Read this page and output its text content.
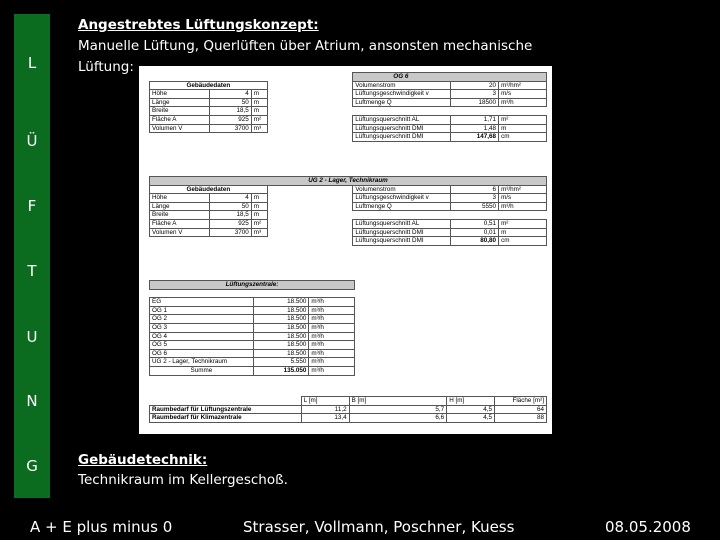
L
Ü
F
T
U
N
G
Angestrebtes Lüftungskonzept:
Manuelle Lüftung, Querlüften über Atrium, ansonsten mechanische
Lüftung:
				OG 6		
Gebäudedaten				Volumenstrom	20	m³/hm²
Höhe	4	m		Lüftungsgeschwindigkeit v	3	m/s
Länge	50	m		Luftmenge Q	18500	m³/h
Breite	18,5	m				
Fläche A	925	m²		Lüftungsquerschnitt AL	1,71	m²
Volumen V	3700	m³		Lüftungsquerschnitt DMI	1,48	m
				Lüftungsquerschnitt DMI	147,68	cm
UG 2 - Lager, Technikraum						
Gebäudedaten				Volumenstrom	6	m³/hm²
Höhe	4	m		Lüftungsgeschwindigkeit v	3	m/s
Länge	50	m		Luftmenge Q	5550	m³/h
Breite	18,5	m				
Fläche A	925	m²		Lüftungsquerschnitt AL	0,51	m²
Volumen V	3700	m³		Lüftungsquerschnitt DMI	0,01	m
				Lüftungsquerschnitt DMI	80,80	cm
Lüftungszentrale:		

EG	18.500	m³/h
OG 1	18.500	m³/h
OG 2	18.500	m³/h
OG 3	18.500	m³/h
OG 4	18.500	m³/h
OG 5	18.500	m³/h
OG 6	18.500	m³/h
UG 2 - Lager, Technikraum	5.550	m³/h
Summe	135.050	m³/h
	L [m]	B [m]	H [m]	Fläche [m²]
Raumbedarf für Lüftungszentrale	11,2	5,7	4,5	64
Raumbedarf für Klimazentrale	13,4	6,6	4,5	88
Gebäudetechnik:
Technikraum im Kellergeschoß.
A + E plus minus 0	Strasser, Vollmann, Poschner, Kuess	08.05.2008
